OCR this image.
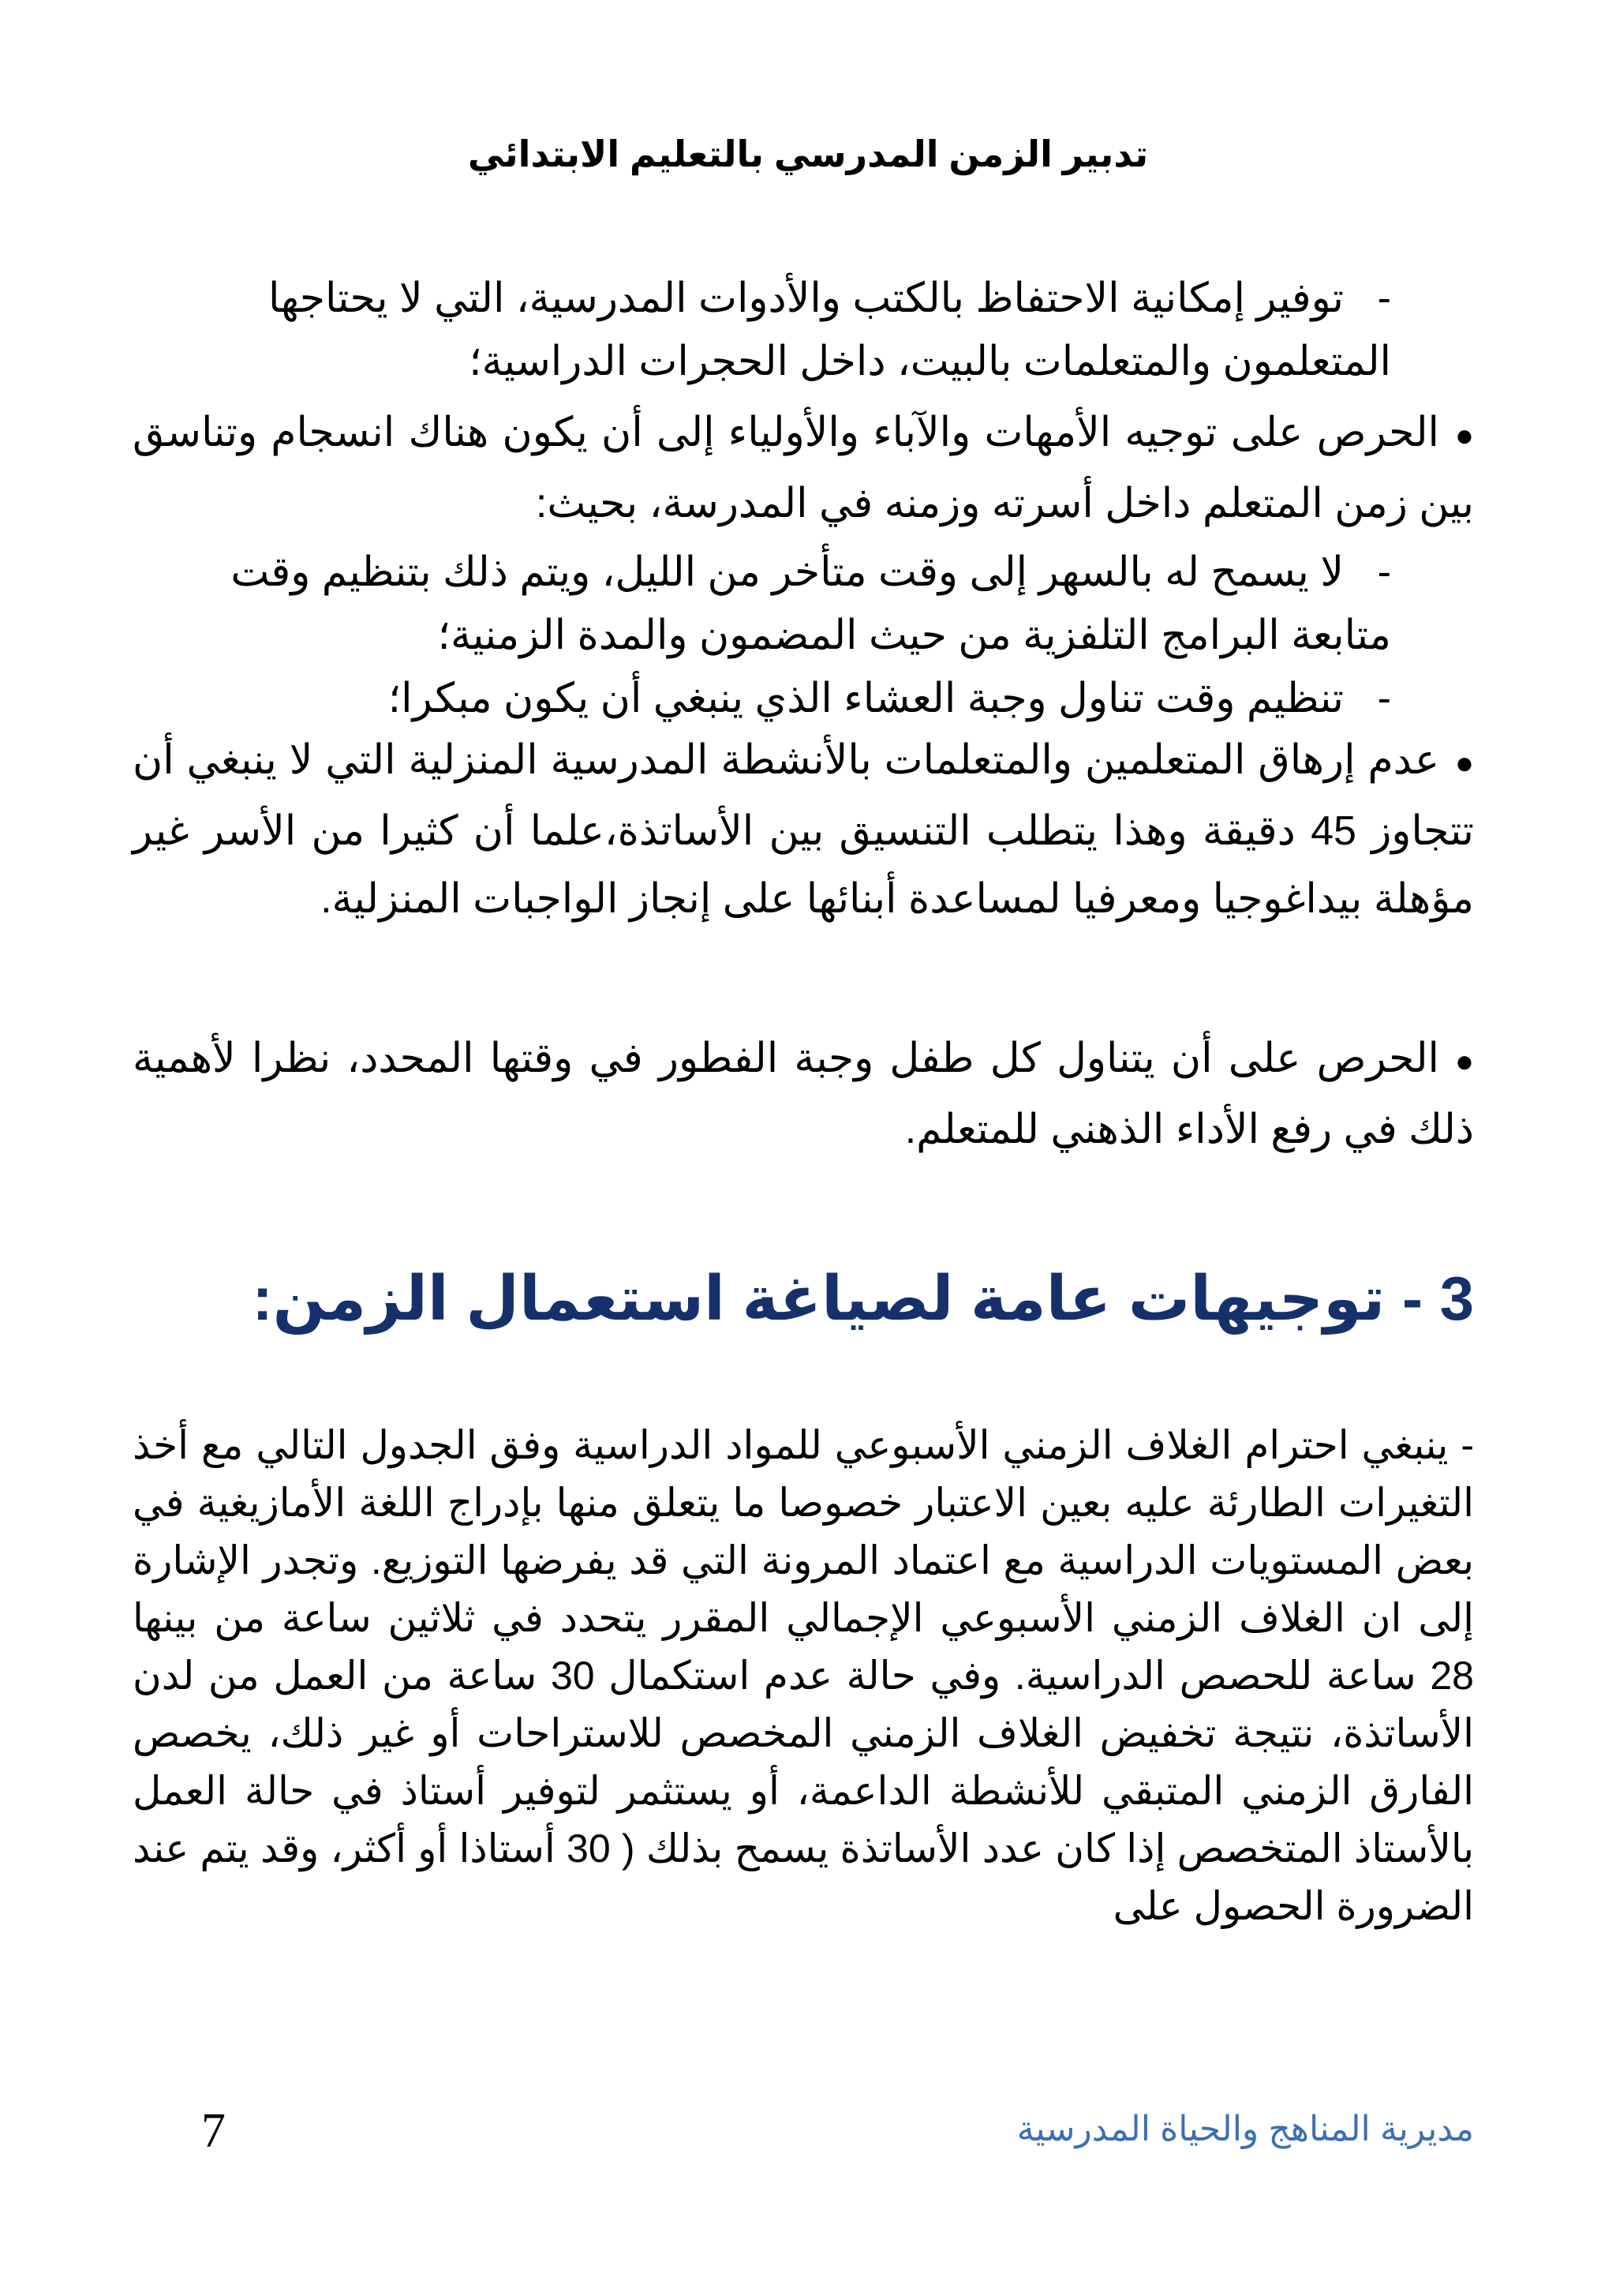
تدبير الزمن المدرسي بالتعليم الابتدائي
-توفير إمكانية الاحتفاظ بالكتب والأدوات المدرسية، التي لا يحتاجها المتعلمون والمتعلمات بالبيت، داخل الحجرات الدراسية؛
●الحرص على توجيه الأمهات والآباء والأولياء إلى أن يكون هناك انسجام وتناسق بين زمن المتعلم داخل أسرته وزمنه في المدرسة، بحيث:
-لا يسمح له بالسهر إلى وقت متأخر من الليل، ويتم ذلك بتنظيم وقت متابعة البرامج التلفزية من حيث المضمون والمدة الزمنية؛
-تنظيم وقت تناول وجبة العشاء الذي ينبغي أن يكون مبكرا؛
●عدم إرهاق المتعلمين والمتعلمات بالأنشطة المدرسية المنزلية التي لا ينبغي أن تتجاوز 45 دقيقة وهذا يتطلب التنسيق بين الأساتذة،علما أن كثيرا من الأسر غير مؤهلة بيداغوجيا ومعرفيا لمساعدة أبنائها على إنجاز الواجبات المنزلية.
●الحرص على أن يتناول كل طفل وجبة الفطور في وقتها المحدد، نظرا لأهمية ذلك في رفع الأداء الذهني للمتعلم.
3 - توجيهات عامة لصياغة استعمال الزمن:
- ينبغي احترام الغلاف الزمني الأسبوعي للمواد الدراسية وفق الجدول التالي مع أخذ التغيرات الطارئة عليه بعين الاعتبار خصوصا ما يتعلق منها بإدراج اللغة الأمازيغية في بعض المستويات الدراسية مع اعتماد المرونة التي قد يفرضها التوزيع. وتجدر الإشارة إلى ان الغلاف الزمني الأسبوعي الإجمالي المقرر يتحدد في ثلاثين ساعة من بينها 28 ساعة للحصص الدراسية. وفي حالة عدم استكمال 30 ساعة من العمل من لدن الأساتذة، نتيجة تخفيض الغلاف الزمني المخصص للاستراحات أو غير ذلك، يخصص الفارق الزمني المتبقي للأنشطة الداعمة، أو يستثمر لتوفير أستاذ في حالة العمل بالأستاذ المتخصص إذا كان عدد الأساتذة يسمح بذلك ( 30 أستاذا أو أكثر، وقد يتم عند الضرورة الحصول على
7	مديرية المناهج والحياة المدرسية
